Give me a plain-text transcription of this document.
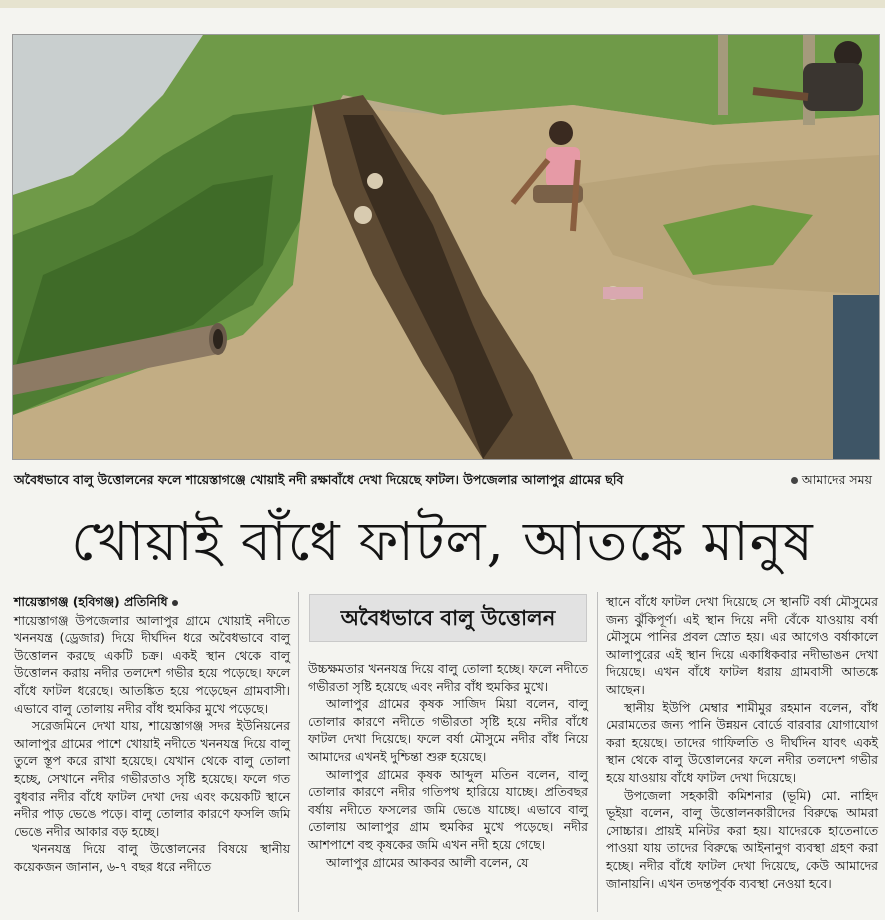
অবৈধভাবে বালু উত্তোলনের ফলে শায়েস্তাগঞ্জে খোয়াই নদী রক্ষাবাঁধে দেখা দিয়েছে ফাটল। উপজেলার আলাপুর গ্রামের ছবি	আমাদের সময়
খোয়াই বাঁধে ফাটল, আতঙ্কে মানুষ
শায়েস্তাগঞ্জ (হবিগঞ্জ) প্রতিনিধি

শায়েস্তাগঞ্জ উপজেলার আলাপুর গ্রামে খোয়াই নদীতে খননযন্ত্র (ড্রেজার) দিয়ে দীর্ঘদিন ধরে অবৈধভাবে বালু উত্তোলন করছে একটি চক্র। একই স্থান থেকে বালু উত্তোলন করায় নদীর তলদেশ গভীর হয়ে পড়েছে। ফলে বাঁধে ফাটল ধরেছে। আতঙ্কিত হয়ে পড়েছেন গ্রামবাসী। এভাবে বালু তোলায় নদীর বাঁধ হুমকির মুখে পড়েছে।

সরেজমিনে দেখা যায়, শায়েস্তাগঞ্জ সদর ইউনিয়নের আলাপুর গ্রামের পাশে খোয়াই নদীতে খননযন্ত্র দিয়ে বালু তুলে স্তূপ করে রাখা হয়েছে। যেখান থেকে বালু তোলা হচ্ছে, সেখানে নদীর গভীরতাও সৃষ্টি হয়েছে। ফলে গত বুধবার নদীর বাঁধে ফাটল দেখা দেয় এবং কয়েকটি স্থানে নদীর পাড় ভেঙে পড়ে। বালু তোলার কারণে ফসলি জমি ভেঙে নদীর আকার বড় হচ্ছে।

খননযন্ত্র দিয়ে বালু উত্তোলনের বিষয়ে স্থানীয় কয়েকজন জানান, ৬-৭ বছর ধরে নদীতে

অবৈধভাবে বালু উত্তোলন

উচ্চক্ষমতার খননযন্ত্র দিয়ে বালু তোলা হচ্ছে। ফলে নদীতে গভীরতা সৃষ্টি হয়েছে এবং নদীর বাঁধ হুমকির মুখে।

আলাপুর গ্রামের কৃষক সাজিদ মিয়া বলেন, বালু তোলার কারণে নদীতে গভীরতা সৃষ্টি হয়ে নদীর বাঁধে ফাটল দেখা দিয়েছে। ফলে বর্ষা মৌসুমে নদীর বাঁধ নিয়ে আমাদের এখনই দুশ্চিন্তা শুরু হয়েছে।

আলাপুর গ্রামের কৃষক আব্দুল মতিন বলেন, বালু তোলার কারণে নদীর গতিপথ হারিয়ে যাচ্ছে। প্রতিবছর বর্ষায় নদীতে ফসলের জমি ভেঙে যাচ্ছে। এভাবে বালু তোলায় আলাপুর গ্রাম হুমকির মুখে পড়েছে। নদীর আশপাশে বহু কৃষকের জমি এখন নদী হয়ে গেছে।

আলাপুর গ্রামের আকবর আলী বলেন, যে

স্থানে বাঁধে ফাটল দেখা দিয়েছে সে স্থানটি বর্ষা মৌসুমের জন্য ঝুঁকিপূর্ণ। এই স্থান দিয়ে নদী বেঁকে যাওয়ায় বর্ষা মৌসুমে পানির প্রবল স্রোত হয়। এর আগেও বর্ষাকালে আলাপুরের এই স্থান দিয়ে একাধিকবার নদীভাঙন দেখা দিয়েছে। এখন বাঁধে ফাটল ধরায় গ্রামবাসী আতঙ্কে আছেন।

স্থানীয় ইউপি মেম্বার শামীমুর রহমান বলেন, বাঁধ মেরামতের জন্য পানি উন্নয়ন বোর্ডে বারবার যোগাযোগ করা হয়েছে। তাদের গাফিলতি ও দীর্ঘদিন যাবৎ একই স্থান থেকে বালু উত্তোলনের ফলে নদীর তলদেশ গভীর হয়ে যাওয়ায় বাঁধে ফাটল দেখা দিয়েছে।

উপজেলা সহকারী কমিশনার (ভূমি) মো. নাহিদ ভূইয়া বলেন, বালু উত্তোলনকারীদের বিরুদ্ধে আমরা সোচ্চার। প্রায়ই মনিটর করা হয়। যাদেরকে হাতেনাতে পাওয়া যায় তাদের বিরুদ্ধে আইনানুগ ব্যবস্থা গ্রহণ করা হচ্ছে। নদীর বাঁধে ফাটল দেখা দিয়েছে, কেউ আমাদের জানায়নি। এখন তদন্তপূর্বক ব্যবস্থা নেওয়া হবে।
